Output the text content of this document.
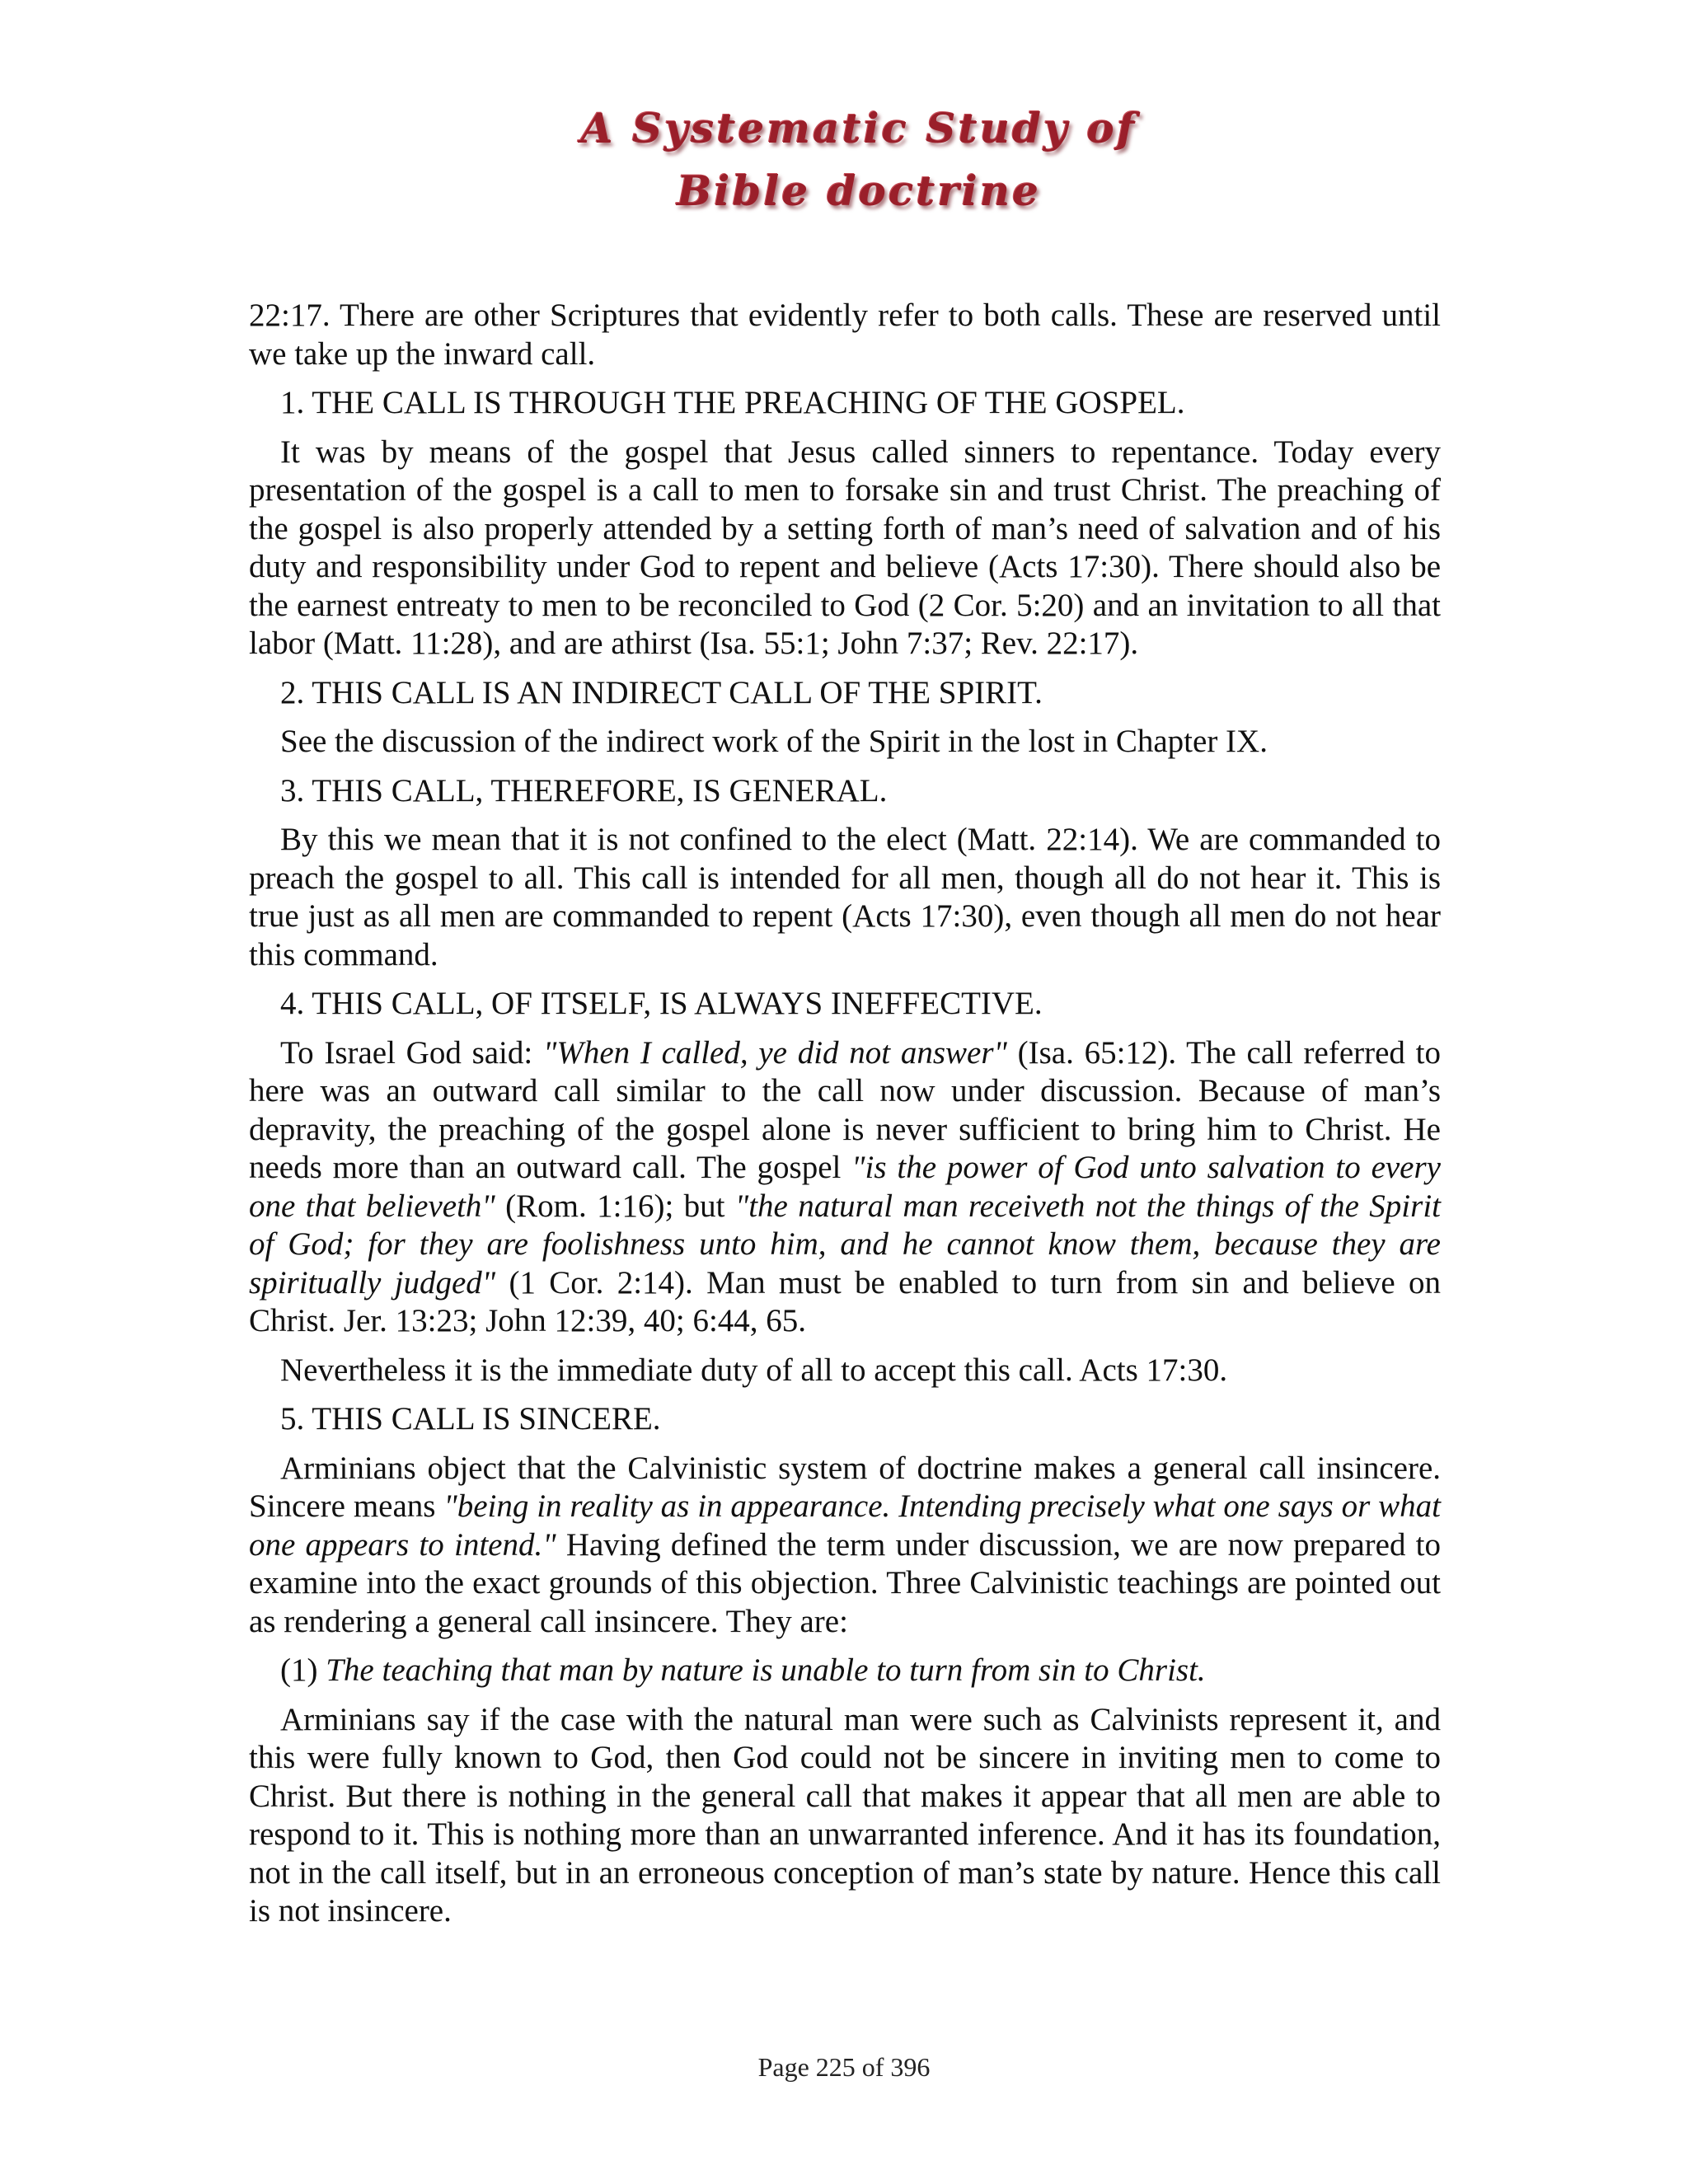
A Systematic Study of
Bible doctrine

22:17. There are other Scriptures that evidently refer to both calls. These are reserved until we take up the inward call.

1. THE CALL IS THROUGH THE PREACHING OF THE GOSPEL.

It was by means of the gospel that Jesus called sinners to repentance. Today every presentation of the gospel is a call to men to forsake sin and trust Christ. The preaching of the gospel is also properly attended by a setting forth of man’s need of salvation and of his duty and responsibility under God to repent and believe (Acts 17:30). There should also be the earnest entreaty to men to be reconciled to God (2 Cor. 5:20) and an invitation to all that labor (Matt. 11:28), and are athirst (Isa. 55:1; John 7:37; Rev. 22:17).

2. THIS CALL IS AN INDIRECT CALL OF THE SPIRIT.

See the discussion of the indirect work of the Spirit in the lost in Chapter IX.

3. THIS CALL, THEREFORE, IS GENERAL.

By this we mean that it is not confined to the elect (Matt. 22:14). We are commanded to preach the gospel to all. This call is intended for all men, though all do not hear it. This is true just as all men are commanded to repent (Acts 17:30), even though all men do not hear this command.

4. THIS CALL, OF ITSELF, IS ALWAYS INEFFECTIVE.

To Israel God said: "When I called, ye did not answer" (Isa. 65:12). The call referred to here was an outward call similar to the call now under discussion. Because of man’s depravity, the preaching of the gospel alone is never sufficient to bring him to Christ. He needs more than an outward call. The gospel "is the power of God unto salvation to every one that believeth" (Rom. 1:16); but "the natural man receiveth not the things of the Spirit of God; for they are foolishness unto him, and he cannot know them, because they are spiritually judged" (1 Cor. 2:14). Man must be enabled to turn from sin and believe on Christ. Jer. 13:23; John 12:39, 40; 6:44, 65.

Nevertheless it is the immediate duty of all to accept this call. Acts 17:30.

5. THIS CALL IS SINCERE.

Arminians object that the Calvinistic system of doctrine makes a general call insincere. Sincere means "being in reality as in appearance. Intending precisely what one says or what one appears to intend." Having defined the term under discussion, we are now prepared to examine into the exact grounds of this objection. Three Calvinistic teachings are pointed out as rendering a general call insincere. They are:

(1) The teaching that man by nature is unable to turn from sin to Christ.

Arminians say if the case with the natural man were such as Calvinists represent it, and this were fully known to God, then God could not be sincere in inviting men to come to Christ. But there is nothing in the general call that makes it appear that all men are able to respond to it. This is nothing more than an unwarranted inference. And it has its foundation, not in the call itself, but in an erroneous conception of man’s state by nature. Hence this call is not insincere.

Page 225 of 396
